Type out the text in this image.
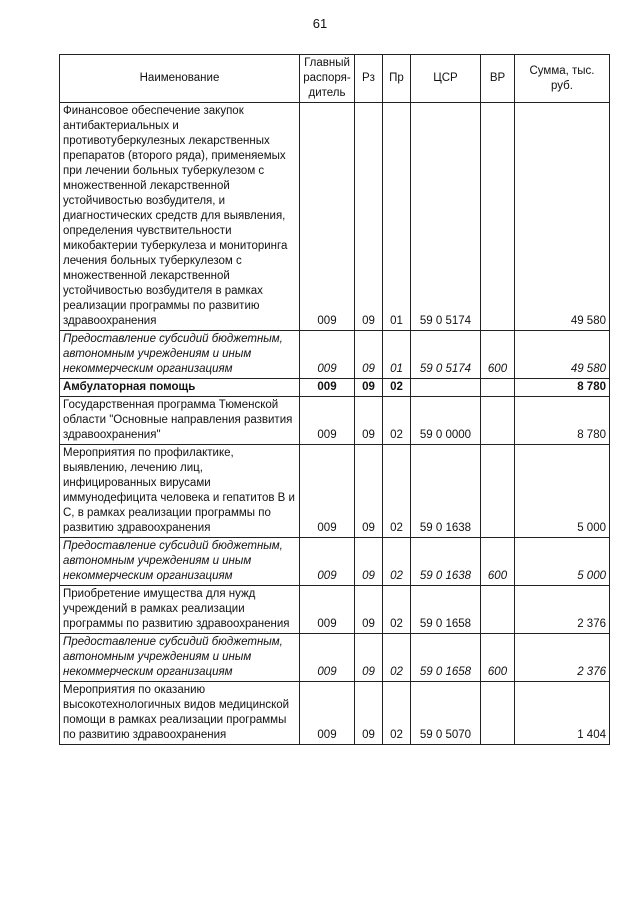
61
Наименование	Главный распоря-дитель	Рз	Пр	ЦСР	ВР	Сумма, тыс. руб.

Финансовое обеспечение закупок антибактериальных и противотуберкулезных лекарственных препаратов (второго ряда), применяемых при лечении больных туберкулезом с множественной лекарственной устойчивостью возбудителя, и диагностических средств для выявления, определения чувствительности микобактерии туберкулеза и мониторинга лечения больных туберкулезом с множественной лекарственной устойчивостью возбудителя в рамках реализации программы по развитию здравоохранения	009	09	01	59 0 5174		49 580
Предоставление субсидий бюджетным, автономным учреждениям и иным некоммерческим организациям	009	09	01	59 0 5174	600	49 580
Амбулаторная помощь	009	09	02			8 780
Государственная программа Тюменской области "Основные направления развития здравоохранения"	009	09	02	59 0 0000		8 780
Мероприятия по профилактике, выявлению, лечению лиц, инфицированных вирусами иммунодефицита человека и гепатитов В и С, в рамках реализации программы по развитию здравоохранения	009	09	02	59 0 1638		5 000
Предоставление субсидий бюджетным, автономным учреждениям и иным некоммерческим организациям	009	09	02	59 0 1638	600	5 000
Приобретение имущества для нужд учреждений в рамках реализации программы по развитию здравоохранения	009	09	02	59 0 1658		2 376
Предоставление субсидий бюджетным, автономным учреждениям и иным некоммерческим организациям	009	09	02	59 0 1658	600	2 376
Мероприятия по оказанию высокотехнологичных видов медицинской помощи в рамках реализации программы по развитию здравоохранения	009	09	02	59 0 5070		1 404
